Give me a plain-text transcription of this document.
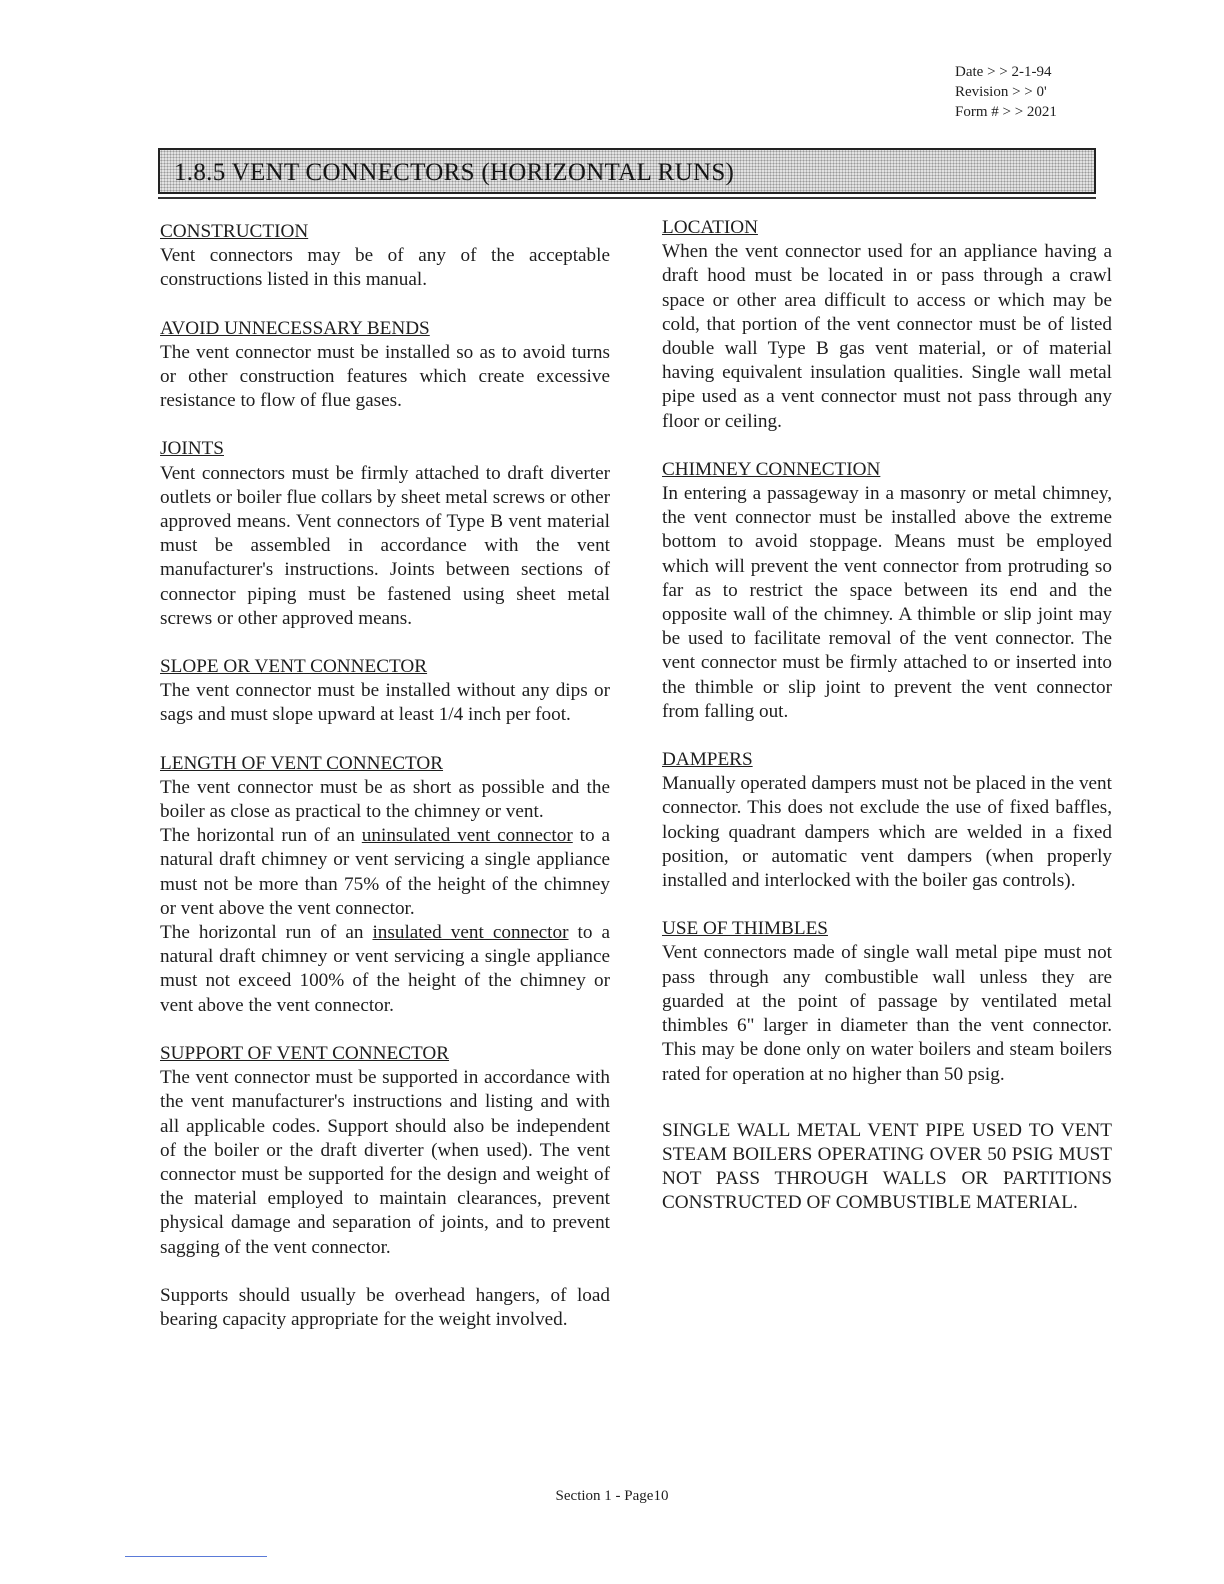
Date > > 2-1-94
Revision > > 0'
Form # > > 2021
1.8.5 VENT CONNECTORS (HORIZONTAL RUNS)
CONSTRUCTION

Vent connectors may be of any of the acceptable constructions listed in this manual.

AVOID UNNECESSARY BENDS

The vent connector must be installed so as to avoid turns or other construction features which create excessive resistance to flow of flue gases.

JOINTS

Vent connectors must be firmly attached to draft diverter outlets or boiler flue collars by sheet metal screws or other approved means. Vent connectors of Type B vent material must be assembled in accordance with the vent manufacturer's instructions. Joints between sections of connector piping must be fastened using sheet metal screws or other approved means.

SLOPE OR VENT CONNECTOR

The vent connector must be installed without any dips or sags and must slope upward at least 1/4 inch per foot.

LENGTH OF VENT CONNECTOR

The vent connector must be as short as possible and the boiler as close as practical to the chimney or vent.

The horizontal run of an uninsulated vent connector to a natural draft chimney or vent servicing a single appliance must not be more than 75% of the height of the chimney or vent above the vent connector.

The horizontal run of an insulated vent connector to a natural draft chimney or vent servicing a single appliance must not exceed 100% of the height of the chimney or vent above the vent connector.

SUPPORT OF VENT CONNECTOR

The vent connector must be supported in accordance with the vent manufacturer's instructions and listing and with all applicable codes. Support should also be independent of the boiler or the draft diverter (when used). The vent connector must be supported for the design and weight of the material employed to maintain clearances, prevent physical damage and separation of joints, and to prevent sagging of the vent connector.

Supports should usually be overhead hangers, of load bearing capacity appropriate for the weight involved.

LOCATION

When the vent connector used for an appliance having a draft hood must be located in or pass through a crawl space or other area difficult to access or which may be cold, that portion of the vent connector must be of listed double wall Type B gas vent material, or of material having equivalent insulation qualities. Single wall metal pipe used as a vent connector must not pass through any floor or ceiling.

CHIMNEY CONNECTION

In entering a passageway in a masonry or metal chimney, the vent connector must be installed above the extreme bottom to avoid stoppage. Means must be employed which will prevent the vent connector from protruding so far as to restrict the space between its end and the opposite wall of the chimney. A thimble or slip joint may be used to facilitate removal of the vent connector. The vent connector must be firmly attached to or inserted into the thimble or slip joint to prevent the vent connector from falling out.

DAMPERS

Manually operated dampers must not be placed in the vent connector. This does not exclude the use of fixed baffles, locking quadrant dampers which are welded in a fixed position, or automatic vent dampers (when properly installed and interlocked with the boiler gas controls).

USE OF THIMBLES

Vent connectors made of single wall metal pipe must not pass through any combustible wall unless they are guarded at the point of passage by ventilated metal thimbles 6" larger in diameter than the vent connector. This may be done only on water boilers and steam boilers rated for operation at no higher than 50 psig.

SINGLE WALL METAL VENT PIPE USED TO VENT STEAM BOILERS OPERATING OVER 50 PSIG MUST NOT PASS THROUGH WALLS OR PARTITIONS CONSTRUCTED OF COMBUSTIBLE MATERIAL.

Section 1 - Page10
